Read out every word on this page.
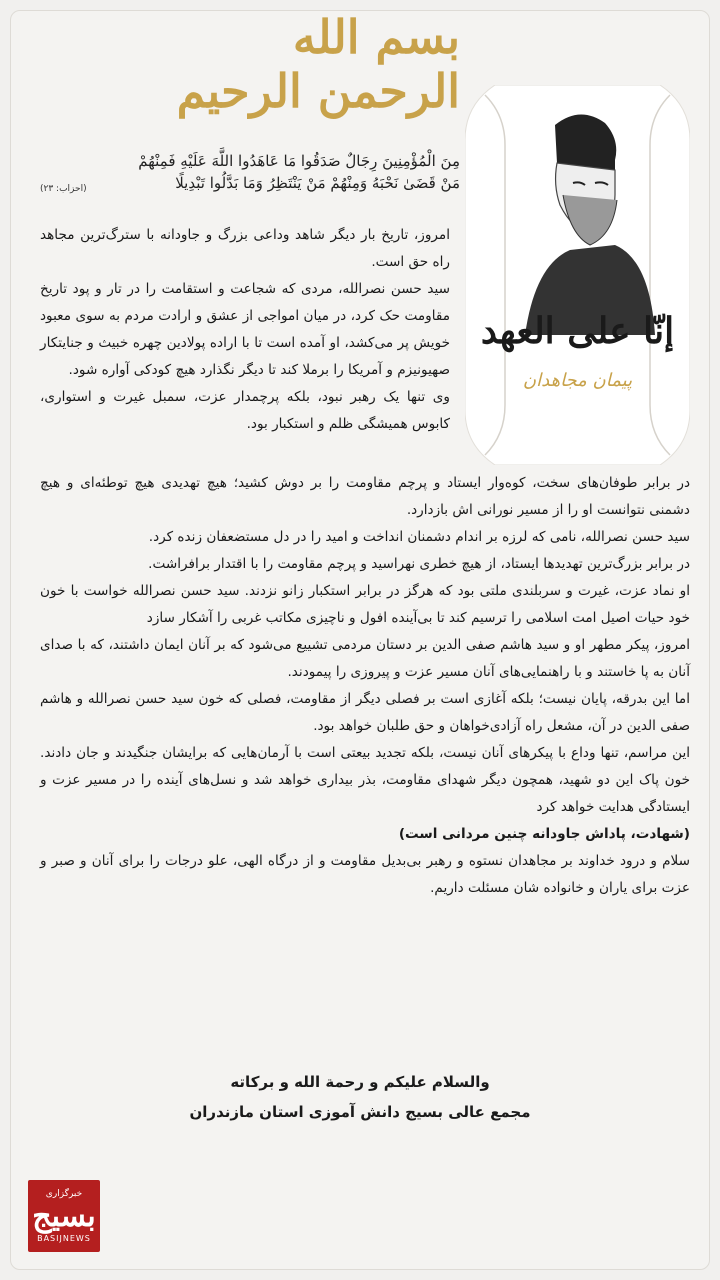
بسم الله الرحمن الرحیم
إنّا على العهد
پیمان مجاهدان
مِنَ الْمُؤْمِنِينَ رِجَالٌ صَدَقُوا مَا عَاهَدُوا اللَّهَ عَلَيْهِ فَمِنْهُمْ
مَنْ قَضَىٰ نَحْبَهُ وَمِنْهُمْ مَنْ يَنْتَظِرُ وَمَا بَدَّلُوا تَبْدِيلًا
(احزاب: ۲۳)

امروز، تاریخ بار دیگر شاهد وداعی بزرگ و جاودانه با سترگ‌ترین مجاهد راه حق است.

سید حسن نصرالله، مردی که شجاعت و استقامت را در تار و پود تاریخ مقاومت حک کرد، در میان امواجی از عشق و ارادت مردم به سوی معبود خویش پر می‌کشد، او آمده است تا با اراده پولادین چهره خبیث و جنایتکار صهیونیزم و آمریکا را برملا کند تا دیگر نگذارد هیچ کودکی آواره شود.

وی تنها یک رهبر نبود، بلکه پرچمدار عزت، سمبل غیرت و استواری، کابوس همیشگی ظلم و استکبار بود.

در برابر طوفان‌های سخت، کوه‌وار ایستاد و پرچم مقاومت را بر دوش کشید؛ هیچ تهدیدی هیچ توطئه‌ای و هیچ دشمنی نتوانست او را از مسیر نورانی اش بازدارد.

سید حسن نصرالله، نامی که لرزه بر اندام دشمنان انداخت و امید را در دل مستضعفان زنده کرد.

در برابر بزرگ‌ترین تهدیدها ایستاد، از هیچ خطری نهراسید و پرچم مقاومت را با اقتدار برافراشت.

او نماد عزت، غیرت و سربلندی ملتی بود که هرگز در برابر استکبار زانو نزدند. سید حسن نصرالله خواست با خون خود حیات اصیل امت اسلامی را ترسیم کند تا بی‌آینده افول و ناچیزی مکاتب غربی را آشکار سازد

امروز، پیکر مطهر او و سید هاشم صفی الدین بر دستان مردمی تشییع می‌شود که بر آنان ایمان داشتند، که با صدای آنان به پا خاستند و با راهنمایی‌های آنان مسیر عزت و پیروزی را پیمودند.

اما این بدرقه، پایان نیست؛ بلکه آغازی است بر فصلی دیگر از مقاومت، فصلی که خون سید حسن نصرالله و هاشم صفی الدین در آن، مشعل راه آزادی‌خواهان و حق طلبان خواهد بود.

این مراسم، تنها وداع با پیکرهای آنان نیست، بلکه تجدید بیعتی است با آرمان‌هایی که برایشان جنگیدند و جان دادند. خون پاک این دو شهید، همچون دیگر شهدای مقاومت، بذر بیداری خواهد شد و نسل‌های آینده را در مسیر عزت و ایستادگی هدایت خواهد کرد

(شهادت، پاداش جاودانه چنین مردانی است)

سلام و درود خداوند بر مجاهدان نستوه و رهبر بی‌بدیل مقاومت و از درگاه الهی، علو درجات را برای آنان و صبر و عزت برای یاران و خانواده شان مسئلت داریم.

والسلام علیکم و رحمة الله و برکاته
مجمع عالی بسیج دانش آموزی استان مازندران
خبرگزاری
بسیج
BASIJNEWS
